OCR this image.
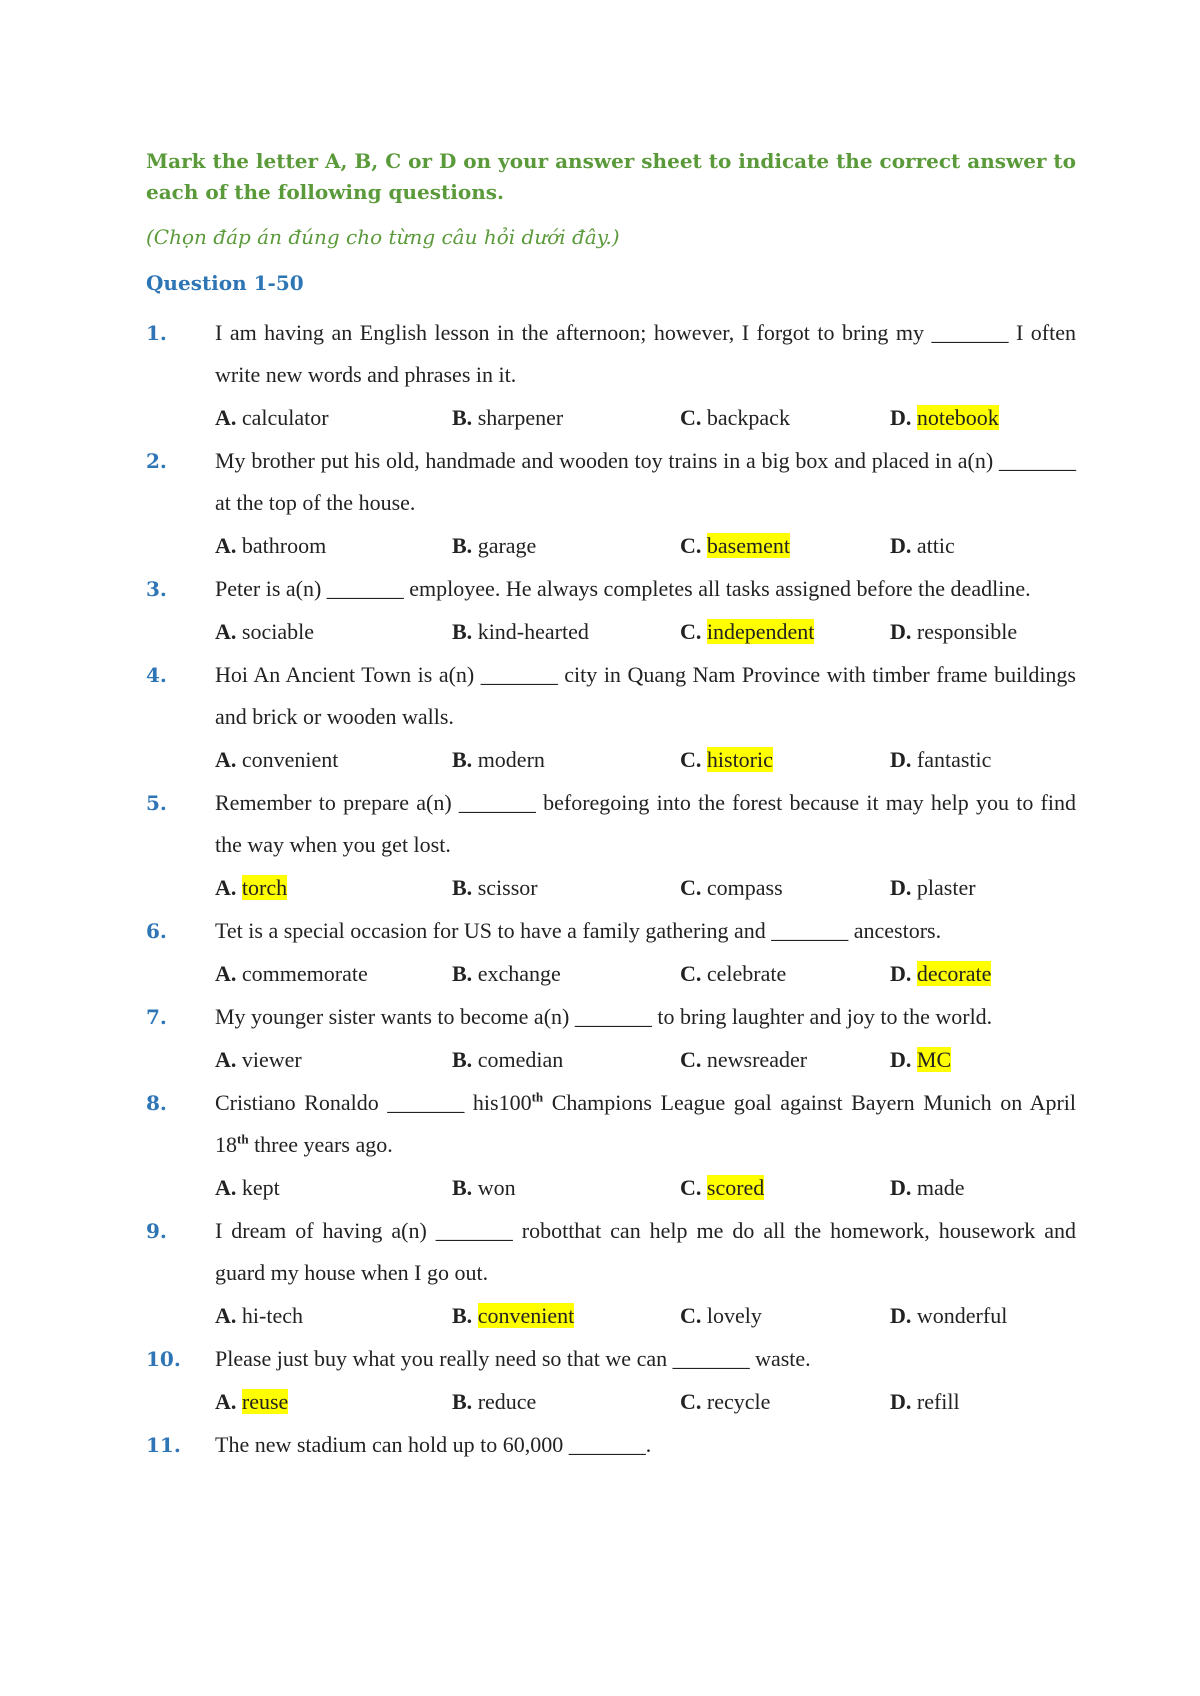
Mark the letter A, B, C or D on your answer sheet to indicate the correct answer to each of the following questions.
(Chọn đáp án đúng cho từng câu hỏi dưới đây.)
Question 1-50
1.	I am having an English lesson in the afternoon; however, I forgot to bring my _______ I often write new words and phrases in it.
A. calculator	B. sharpener	C. backpack	D. notebook
2.	My brother put his old, handmade and wooden toy trains in a big box and placed in a(n) _______ at the top of the house.
A. bathroom	B. garage	C. basement	D. attic
3.	Peter is a(n) _______ employee. He always completes all tasks assigned before the deadline.
A. sociable	B. kind-hearted	C. independent	D. responsible
4.	Hoi An Ancient Town is a(n) _______ city in Quang Nam Province with timber frame buildings and brick or wooden walls.
A. convenient	B. modern	C. historic	D. fantastic
5.	Remember to prepare a(n) _______ beforegoing into the forest because it may help you to find the way when you get lost.
A. torch	B. scissor	C. compass	D. plaster
6.	Tet is a special occasion for US to have a family gathering and _______ ancestors.
A. commemorate	B. exchange	C. celebrate	D. decorate
7.	My younger sister wants to become a(n) _______ to bring laughter and joy to the world.
A. viewer	B. comedian	C. newsreader	D. MC
8.	Cristiano Ronaldo _______ his100th Champions League goal against Bayern Munich on April 18th three years ago.
A. kept	B. won	C. scored	D. made
9.	I dream of having a(n) _______ robotthat can help me do all the homework, housework and guard my house when I go out.
A. hi-tech	B. convenient	C. lovely	D. wonderful
10.	Please just buy what you really need so that we can _______ waste.
A. reuse	B. reduce	C. recycle	D. refill
11.	The new stadium can hold up to 60,000 _______.
